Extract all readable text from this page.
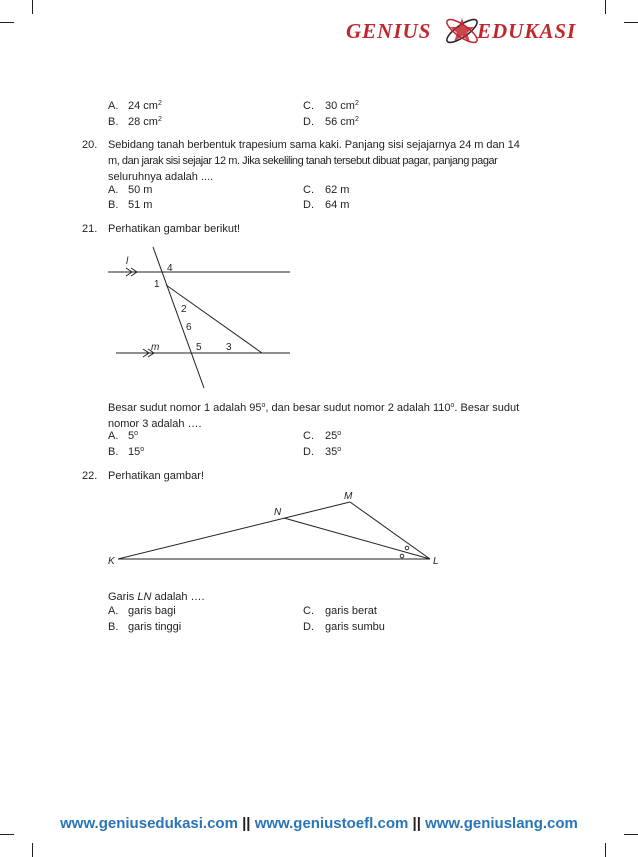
GENIUS EDUKASI
A. 24 $cm^2$
B. 28 $cm^2$
C. 30 $cm^2$
D. 56 $cm^2$
20. Sebidang tanah berbentuk trapesium sama kaki. Panjang sisi sejajarnya 24 m dan 14
m, dan jarak sisi sejajar 12 m. Jika sekeliling tanah tersebut dibuat pagar, panjang pagar
seluruhnya adalah ....
A. 50 m
B. 51 m
C. 62 m
D. 64 m
21. Perhatikan gambar berikut!
l
4
1
2
6
m	5 3
Besar sudut nomor 1 adalah 95$^o$, dan besar sudut nomor 2 adalah 110$^o$. Besar sudut
nomor 3 adalah ….
A. 5$^o$
B. 15$^o$
C. 25$^o$
D. 35$^o$
22. Perhatikan gambar!
K	L
M
N
Garis LN adalah ….
A. garis bagi
B. garis tinggi
C. garis berat
D. garis sumbu
www.geniusedukasi.com || www.geniustoefl.com || www.geniuslang.com
